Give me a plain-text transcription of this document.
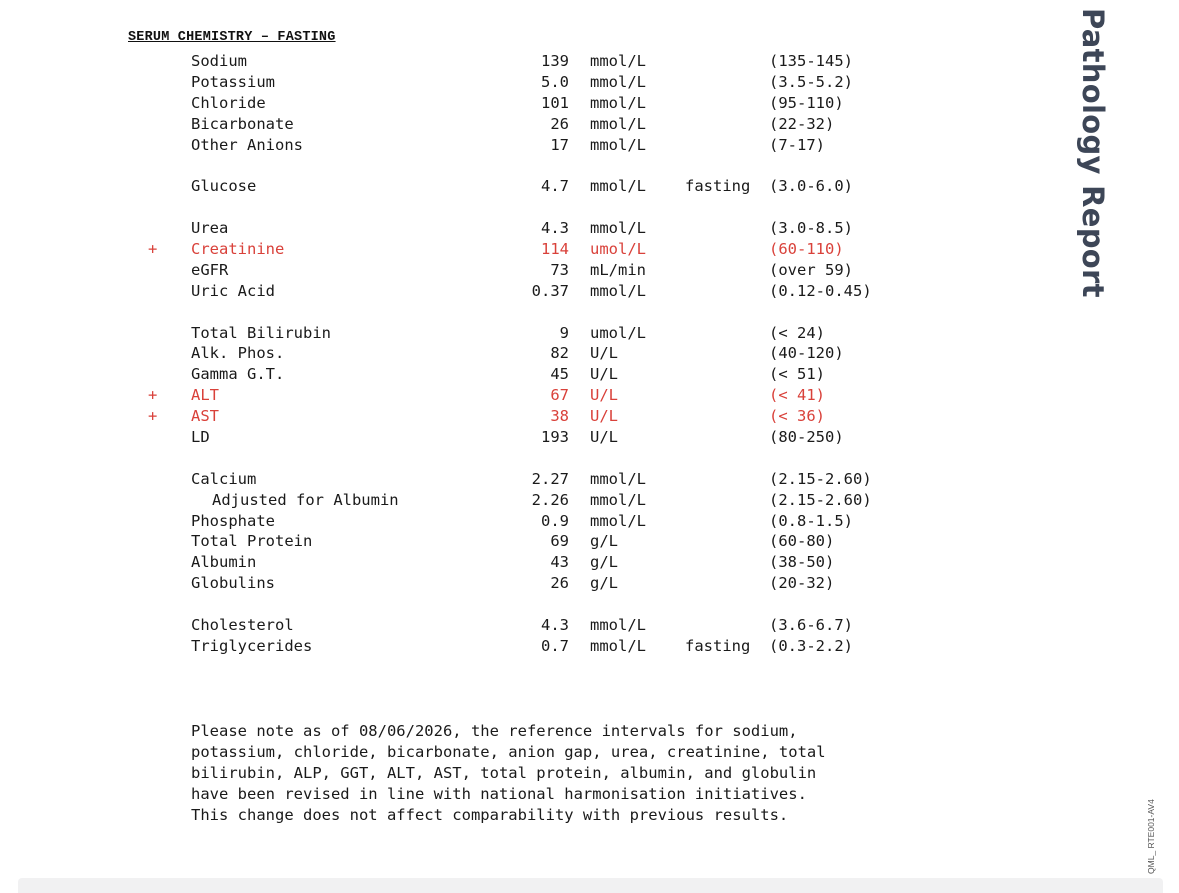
SERUM CHEMISTRY – FASTING
Sodium	139 mmol/L	(135-145)
Potassium	5.0 mmol/L	(3.5-5.2)
Chloride	101 mmol/L	(95-110)
Bicarbonate	26 mmol/L	(22-32)
Other Anions	17 mmol/L	(7-17)
Glucose	4.7 mmol/L	fasting (3.0-6.0)
Urea	4.3 mmol/L	(3.0-8.5)
+	Creatinine	114 umol/L	(60-110)
eGFR	73 mL/min	(over 59)
Uric Acid	0.37 mmol/L	(0.12-0.45)
Total Bilirubin	9 umol/L	(< 24)
Alk. Phos.	82 U/L	(40-120)
Gamma G.T.	45 U/L	(< 51)
+	ALT	67 U/L	(< 41)
+	AST	38 U/L	(< 36)
LD	193 U/L	(80-250)
Calcium	2.27 mmol/L	(2.15-2.60)
Adjusted for Albumin	2.26 mmol/L	(2.15-2.60)
Phosphate	0.9 mmol/L	(0.8-1.5)
Total Protein	69 g/L	(60-80)
Albumin	43 g/L	(38-50)
Globulins	26 g/L	(20-32)
Cholesterol	4.3 mmol/L	(3.6-6.7)
Triglycerides	0.7 mmol/L	fasting (0.3-2.2)
Please note as of 08/06/2026, the reference intervals for sodium,
potassium, chloride, bicarbonate, anion gap, urea, creatinine, total
bilirubin, ALP, GGT, ALT, AST, total protein, albumin, and globulin
have been revised in line with national harmonisation initiatives.
This change does not affect comparability with previous results.
Pathology Report
QML_ RTE001-AV4
